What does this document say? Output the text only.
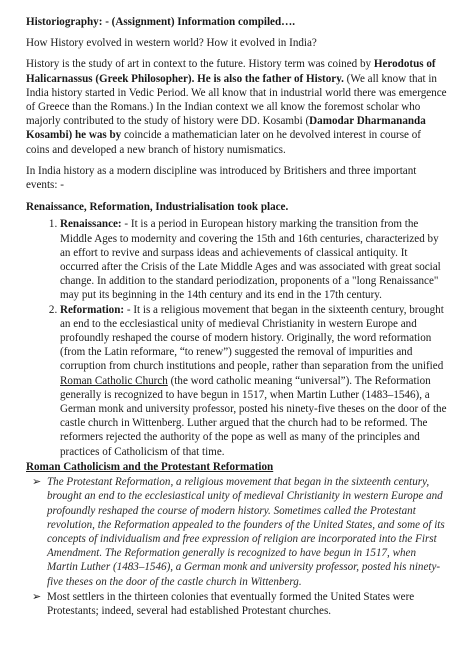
Historiography: - (Assignment) Information compiled….

How History evolved in western world? How it evolved in India?

History is the study of art in context to the future. History term was coined by Herodotus of Halicarnassus (Greek Philosopher). He is also the father of History. (We all know that in India history started in Vedic Period. We all know that in industrial world there was emergence of Greece than the Romans.) In the Indian context we all know the foremost scholar who majorly contributed to the study of history were DD. Kosambi (Damodar Dharmananda Kosambi) he was by coincide a mathematician later on he devolved interest in course of coins and developed a new branch of history numismatics.

In India history as a modern discipline was introduced by Britishers and three important events: -

Renaissance, Reformation, Industrialisation took place.

1. Renaissance: - It is a period in European history marking the transition from the Middle Ages to modernity and covering the 15th and 16th centuries, characterized by an effort to revive and surpass ideas and achievements of classical antiquity. It occurred after the Crisis of the Late Middle Ages and was associated with great social change. In addition to the standard periodization, proponents of a "long Renaissance" may put its beginning in the 14th century and its end in the 17th century.
2. Reformation: - It is a religious movement that began in the sixteenth century, brought an end to the ecclesiastical unity of medieval Christianity in western Europe and profoundly reshaped the course of modern history. Originally, the word reformation (from the Latin reformare, “to renew”) suggested the removal of impurities and corruption from church institutions and people, rather than separation from the unified Roman Catholic Church (the word catholic meaning “universal”). The Reformation generally is recognized to have begun in 1517, when Martin Luther (1483–1546), a German monk and university professor, posted his ninety-five theses on the door of the castle church in Wittenberg. Luther argued that the church had to be reformed. The reformers rejected the authority of the pope as well as many of the principles and practices of Catholicism of that time.

Roman Catholicism and the Protestant Reformation

➢ The Protestant Reformation, a religious movement that began in the sixteenth century, brought an end to the ecclesiastical unity of medieval Christianity in western Europe and profoundly reshaped the course of modern history. Sometimes called the Protestant revolution, the Reformation appealed to the founders of the United States, and some of its concepts of individualism and free expression of religion are incorporated into the First Amendment. The Reformation generally is recognized to have begun in 1517, when Martin Luther (1483–1546), a German monk and university professor, posted his ninety-five theses on the door of the castle church in Wittenberg.
➢ Most settlers in the thirteen colonies that eventually formed the United States were Protestants; indeed, several had established Protestant churches.
